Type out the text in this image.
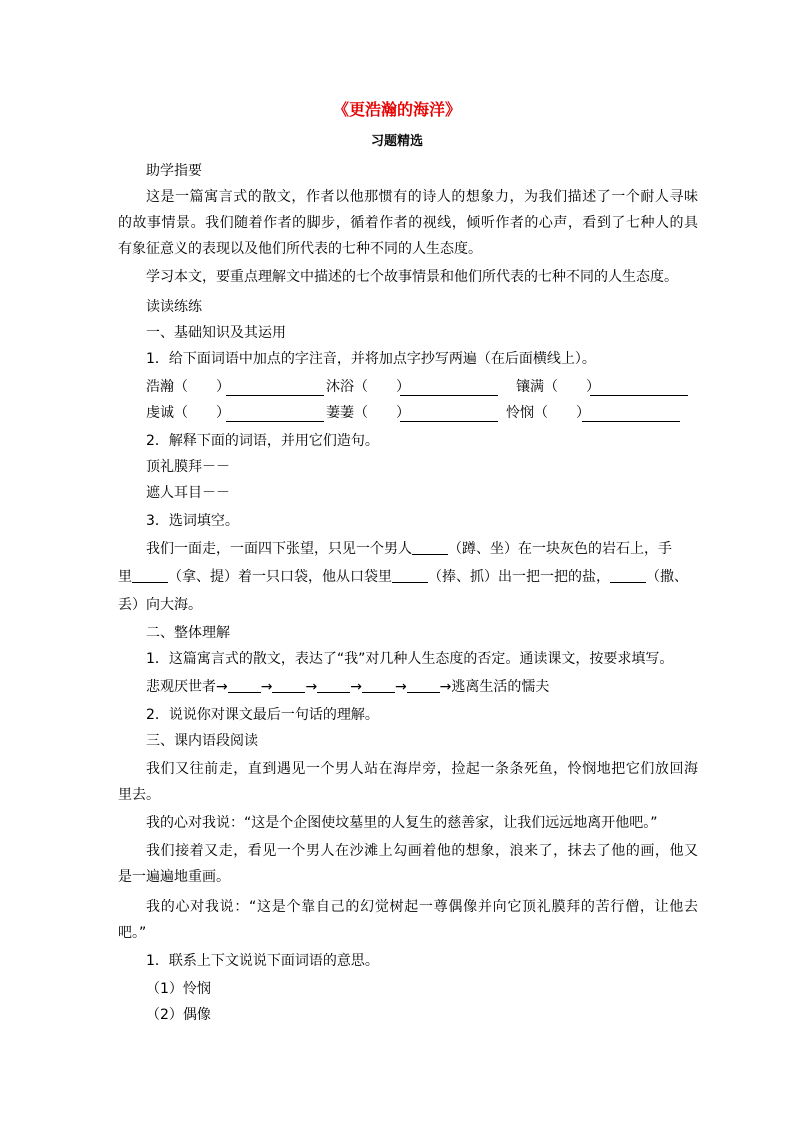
《更浩瀚的海洋》
习题精选
助学指要
这是一篇寓言式的散文，作者以他那惯有的诗人的想象力，为我们描述了一个耐人寻味
的故事情景。我们随着作者的脚步，循着作者的视线，倾听作者的心声，看到了七种人的具
有象征意义的表现以及他们所代表的七种不同的人生态度。
学习本文，要重点理解文中描述的七个故事情景和他们所代表的七种不同的人生态度。
读读练练
一、基础知识及其运用
1．给下面词语中加点的字注音，并将加点字抄写两遍（在后面横线上）。
浩瀚（　　）	沐浴（　　）	镶满（　　）
虔诚（　　）	萋萋（　　）	怜悯（　　）
2．解释下面的词语，并用它们造句。
顶礼膜拜－－
遮人耳目－－
3．选词填空。
我们一面走，一面四下张望，只见一个男人	（蹲、坐）在一块灰色的岩石上，手
里	（拿、提）着一只口袋，他从口袋里	（捧、抓）出一把一把的盐，	（撒、
丢）向大海。
二、整体理解
1．这篇寓言式的散文，表达了“我”对几种人生态度的否定。通读课文，按要求填写。
悲观厌世者→ → → → → →逃离生活的懦夫
2．说说你对课文最后一句话的理解。
三、课内语段阅读
我们又往前走，直到遇见一个男人站在海岸旁，捡起一条条死鱼，怜悯地把它们放回海
里去。
我的心对我说：“这是个企图使坟墓里的人复生的慈善家，让我们远远地离开他吧。”
我们接着又走，看见一个男人在沙滩上勾画着他的想象，浪来了，抹去了他的画，他又
是一遍遍地重画。
我的心对我说：“这是个靠自己的幻觉树起一尊偶像并向它顶礼膜拜的苦行僧，让他去
吧。”
1．联系上下文说说下面词语的意思。
（1）怜悯
（2）偶像
